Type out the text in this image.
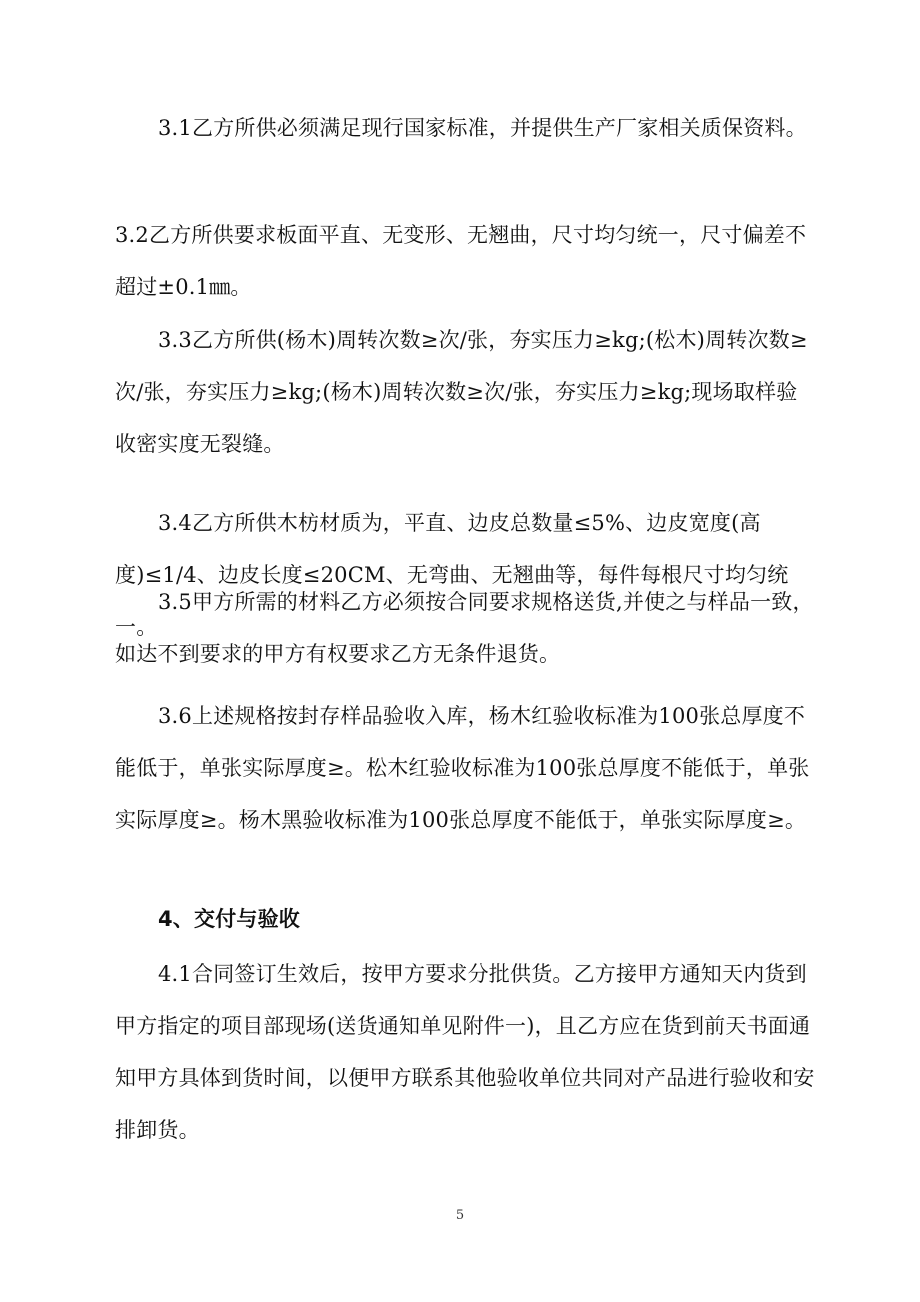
3.1乙方所供必须满足现行国家标准，并提供生产厂家相关质保资料。

3.2乙方所供要求板面平直、无变形、无翘曲，尺寸均匀统一，尺寸偏差不超过±0.1㎜。

3.3乙方所供(杨木)周转次数≥次/张，夯实压力≥kg;(松木)周转次数≥次/张，夯实压力≥kg;(杨木)周转次数≥次/张，夯实压力≥kg;现场取样验收密实度无裂缝。

3.4乙方所供木枋材质为，平直、边皮总数量≤5%、边皮宽度(高度)≤1/4、边皮长度≤20CM、无弯曲、无翘曲等，每件每根尺寸均匀统一。

3.5甲方所需的材料乙方必须按合同要求规格送货,并使之与样品一致，如达不到要求的甲方有权要求乙方无条件退货。

3.6上述规格按封存样品验收入库，杨木红验收标准为100张总厚度不能低于，单张实际厚度≥。松木红验收标准为100张总厚度不能低于，单张实际厚度≥。杨木黑验收标准为100张总厚度不能低于，单张实际厚度≥。

4、交付与验收

4.1合同签订生效后，按甲方要求分批供货。乙方接甲方通知天内货到甲方指定的项目部现场(送货通知单见附件一)，且乙方应在货到前天书面通知甲方具体到货时间，以便甲方联系其他验收单位共同对产品进行验收和安排卸货。

5
